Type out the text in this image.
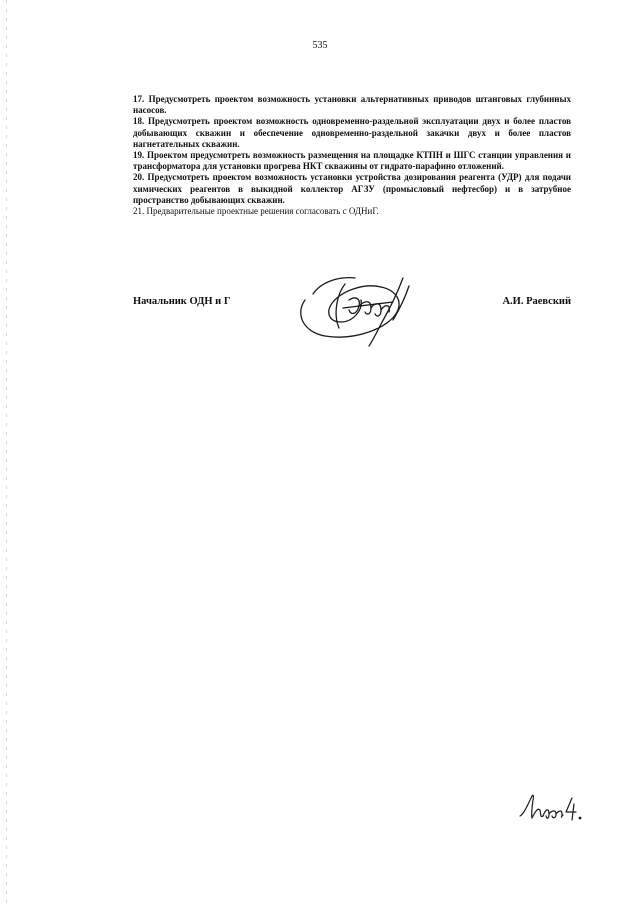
535

17. Предусмотреть проектом возможность установки альтернативных приводов штанговых глубинных насосов.

18. Предусмотреть проектом возможность одновременно-раздельной эксплуатации двух и более пластов добывающих скважин и обеспечение одновременно-раздельной закачки двух и более пластов нагнетательных скважин.

19. Проектом предусмотреть возможность размещения на площадке КТПН и ШГС станции управления и трансформатора для установки прогрева НКТ скважины от гидрато-парафино отложений.

20. Предусмотреть проектом возможность установки устройства дозирования реагента (УДР) для подачи химических реагентов в выкидной коллектор АГЗУ (промысловый нефтесбор) и в затрубное пространство добывающих скважин.

21. Предварительные проектные решения согласовать с ОДНиГ.

Начальник ОДН и Г	А.И. Раевский
